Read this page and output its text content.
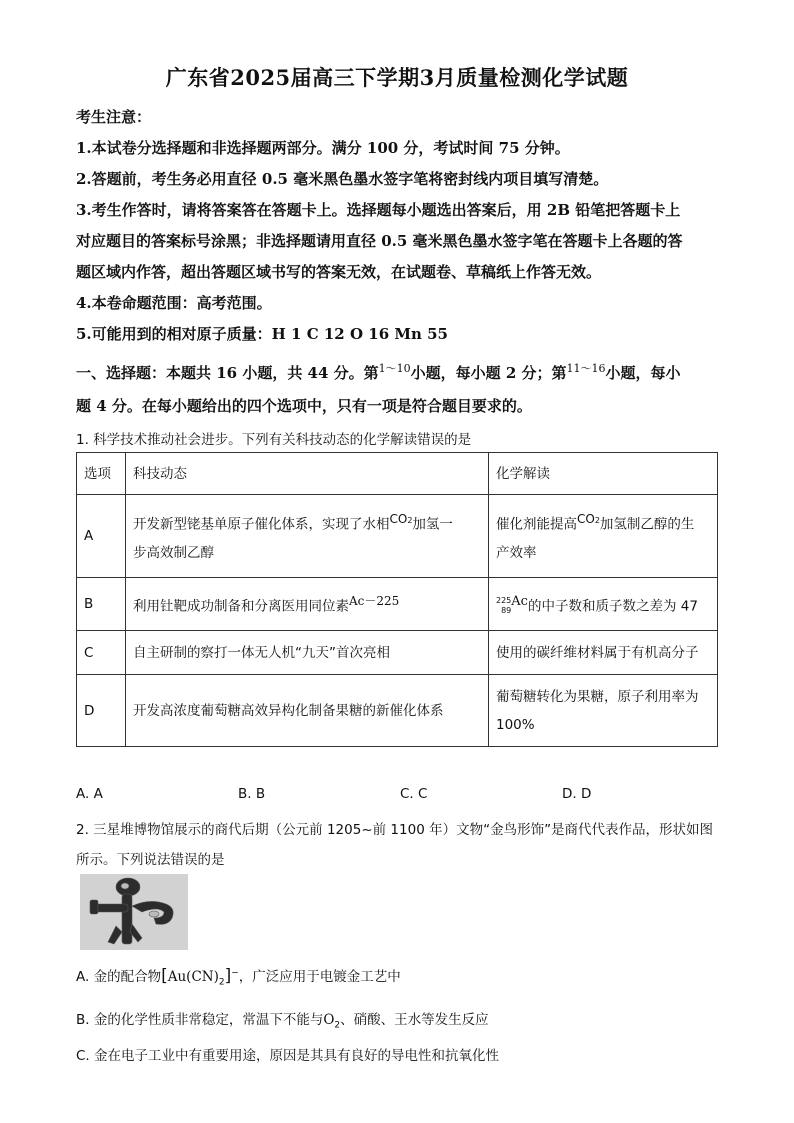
广东省2025届高三下学期3月质量检测化学试题
考生注意：
1.本试卷分选择题和非选择题两部分。满分 100 分，考试时间 75 分钟。
2.答题前，考生务必用直径 0.5 毫米黑色墨水签字笔将密封线内项目填写清楚。
3.考生作答时，请将答案答在答题卡上。选择题每小题选出答案后，用 2B 铅笔把答题卡上
对应题目的答案标号涂黑；非选择题请用直径 0.5 毫米黑色墨水签字笔在答题卡上各题的答
题区域内作答，超出答题区域书写的答案无效，在试题卷、草稿纸上作答无效。
4.本卷命题范围：高考范围。
5.可能用到的相对原子质量：H 1 C 12 O 16 Mn 55
一、选择题：本题共 16 小题，共 44 分。第$^{1\sim 10}$小题，每小题 2 分；第$^{11\sim 16}$小题，每小
题 4 分。在每小题给出的四个选项中，只有一项是符合题目要求的。
1. 科学技术推动社会进步。下列有关科技动态的化学解读错误的是
选项	科技动态	化学解读
A	开发新型铑基单原子催化体系，实现了水相$^{CO}_2$加氢一
步高效制乙醇	催化剂能提高$^{CO}_2$加氢制乙醇的生
产效率
B	利用钍靶成功制备和分离医用同位素$^{Ac-225}$	225
89Ac的中子数和质子数之差为 47
C	自主研制的察打一体无人机“九天”首次亮相	使用的碳纤维材料属于有机高分子
D	开发高浓度葡萄糖高效异构化制备果糖的新催化体系	葡萄糖转化为果糖，原子利用率为
100%
A. A	B. B	C. C	D. D
2. 三星堆博物馆展示的商代后期（公元前 1205~前 1100 年）文物“金鸟形饰”是商代代表作品，形状如图
所示。下列说法错误的是
A. 金的配合物$[Au(CN)_2]^-$，广泛应用于电镀金工艺中
B. 金的化学性质非常稳定，常温下不能与$O_2$、硝酸、王水等发生反应
C. 金在电子工业中有重要用途，原因是其具有良好的导电性和抗氧化性
